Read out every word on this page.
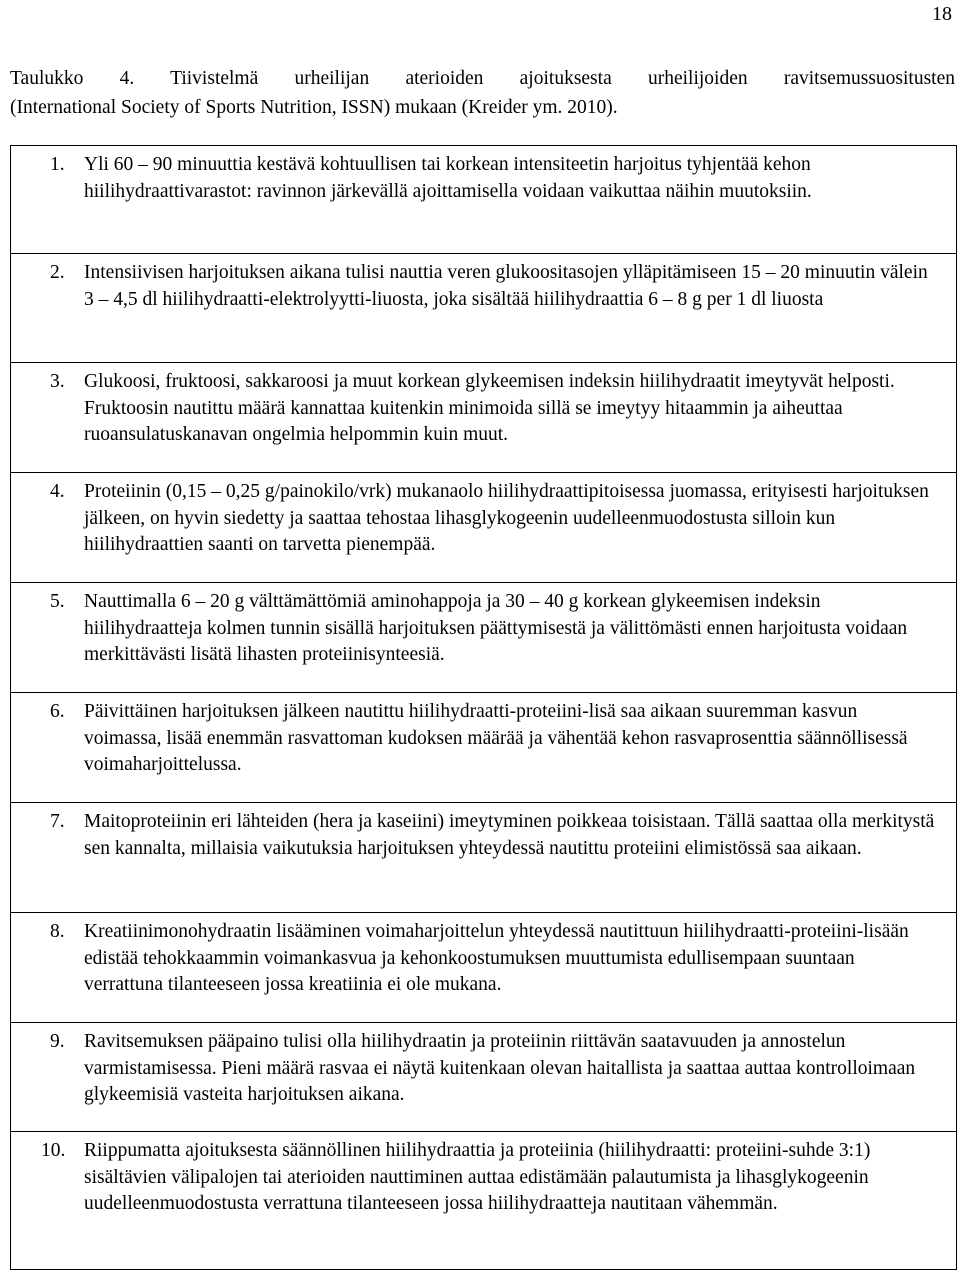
18
Taulukko 4. Tiivistelmä urheilijan aterioiden ajoituksesta urheilijoiden ravitsemussuositusten
(International Society of Sports Nutrition, ISSN) mukaan (Kreider ym. 2010).
1. Yli 60 – 90 minuuttia kestävä kohtuullisen tai korkean intensiteetin harjoitus tyhjentää kehon hiilihydraattivarastot: ravinnon järkevällä ajoittamisella voidaan vaikuttaa näihin muutoksiin.
2. Intensiivisen harjoituksen aikana tulisi nauttia veren glukoositasojen ylläpitämiseen 15 – 20 minuutin välein 3 – 4,5 dl hiilihydraatti-elektrolyytti-liuosta, joka sisältää hiilihydraattia 6 – 8 g per 1 dl liuosta
3. Glukoosi, fruktoosi, sakkaroosi ja muut korkean glykeemisen indeksin hiilihydraatit imeytyvät helposti. Fruktoosin nautittu määrä kannattaa kuitenkin minimoida sillä se imeytyy hitaammin ja aiheuttaa ruoansulatuskanavan ongelmia helpommin kuin muut.
4. Proteiinin (0,15 – 0,25 g/painokilo/vrk) mukanaolo hiilihydraattipitoisessa juomassa, erityisesti harjoituksen jälkeen, on hyvin siedetty ja saattaa tehostaa lihasglykogeenin uudelleenmuodostusta silloin kun hiilihydraattien saanti on tarvetta pienempää.
5. Nauttimalla 6 – 20 g välttämättömiä aminohappoja ja 30 – 40 g korkean glykeemisen indeksin hiilihydraatteja kolmen tunnin sisällä harjoituksen päättymisestä ja välittömästi ennen harjoitusta voidaan merkittävästi lisätä lihasten proteiinisynteesiä.
6. Päivittäinen harjoituksen jälkeen nautittu hiilihydraatti-proteiini-lisä saa aikaan suuremman kasvun voimassa, lisää enemmän rasvattoman kudoksen määrää ja vähentää kehon rasvaprosenttia säännöllisessä voimaharjoittelussa.
7. Maitoproteiinin eri lähteiden (hera ja kaseiini) imeytyminen poikkeaa toisistaan. Tällä saattaa olla merkitystä sen kannalta, millaisia vaikutuksia harjoituksen yhteydessä nautittu proteiini elimistössä saa aikaan.
8. Kreatiinimonohydraatin lisääminen voimaharjoittelun yhteydessä nautittuun hiilihydraatti-proteiini-lisään edistää tehokkaammin voimankasvua ja kehonkoostumuksen muuttumista edullisempaan suuntaan verrattuna tilanteeseen jossa kreatiinia ei ole mukana.
9. Ravitsemuksen pääpaino tulisi olla hiilihydraatin ja proteiinin riittävän saatavuuden ja annostelun varmistamisessa. Pieni määrä rasvaa ei näytä kuitenkaan olevan haitallista ja saattaa auttaa kontrolloimaan glykeemisiä vasteita harjoituksen aikana.
10. Riippumatta ajoituksesta säännöllinen hiilihydraattia ja proteiinia (hiilihydraatti: proteiini-suhde 3:1) sisältävien välipalojen tai aterioiden nauttiminen auttaa edistämään palautumista ja lihasglykogeenin uudelleenmuodostusta verrattuna tilanteeseen jossa hiilihydraatteja nautitaan vähemmän.
